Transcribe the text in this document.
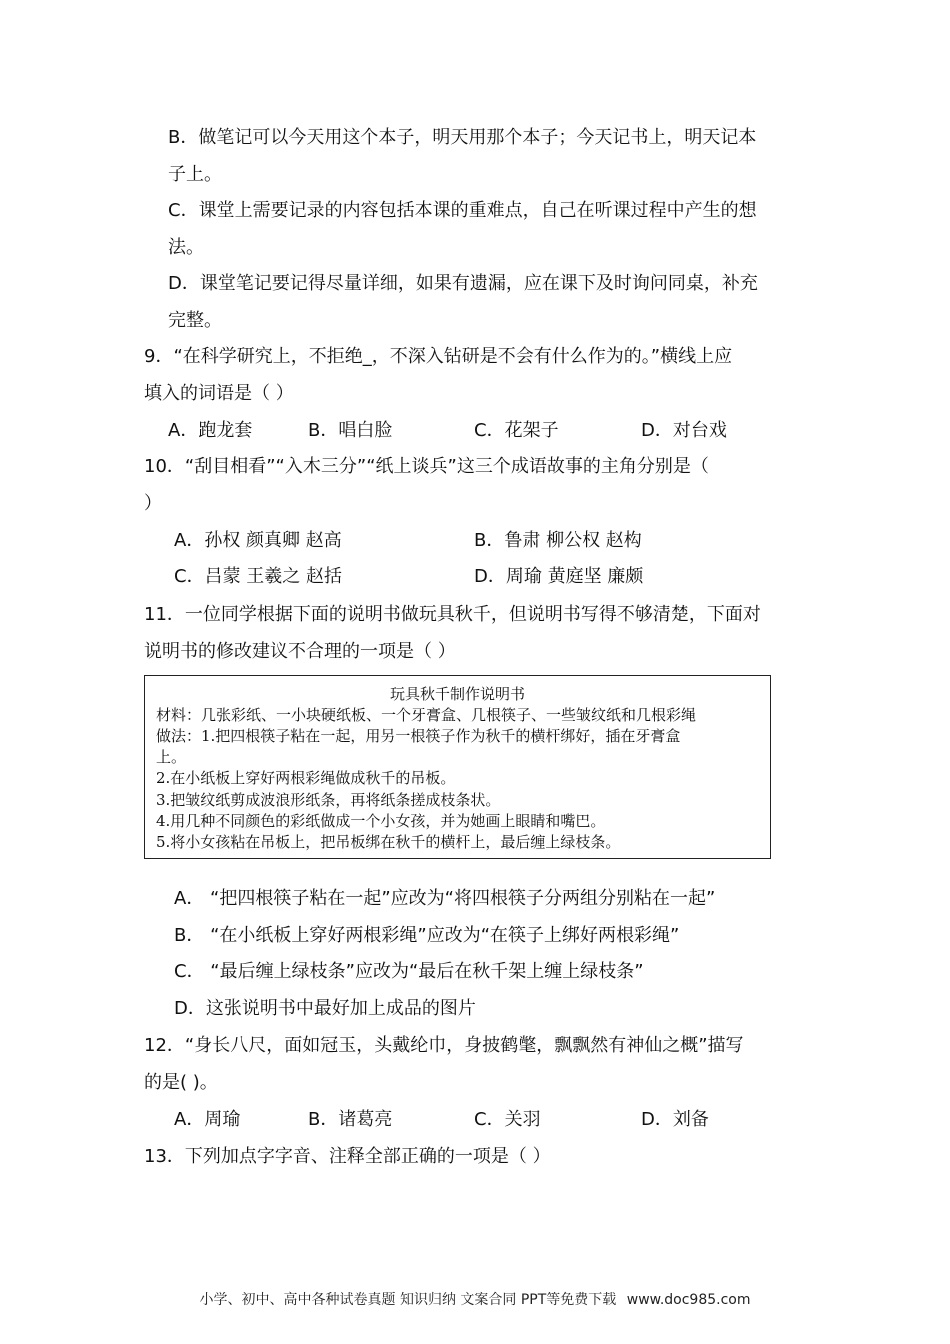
B．做笔记可以今天用这个本子，明天用那个本子；今天记书上，明天记本
子上。
C．课堂上需要记录的内容包括本课的重难点，自己在听课过程中产生的想
法。
D．课堂笔记要记得尽量详细，如果有遗漏，应在课下及时询问同桌，补充
完整。
9．“在科学研究上，不拒绝_，不深入钻研是不会有什么作为的。”横线上应
填入的词语是（ ）
A．跑龙套	B．唱白脸	C．花架子	D．对台戏
10．“刮目相看”“入木三分”“纸上谈兵”这三个成语故事的主角分别是（
）
A．孙权 颜真卿 赵高	B．鲁肃 柳公权 赵构
C．吕蒙 王羲之 赵括	D．周瑜 黄庭坚 廉颇
11．一位同学根据下面的说明书做玩具秋千，但说明书写得不够清楚，下面对
说明书的修改建议不合理的一项是（ ）
玩具秋千制作说明书
材料：几张彩纸、一小块硬纸板、一个牙膏盒、几根筷子、一些皱纹纸和几根彩绳
做法：1.把四根筷子粘在一起，用另一根筷子作为秋千的横杆绑好，插在牙膏盒
上。
2.在小纸板上穿好两根彩绳做成秋千的吊板。
3.把皱纹纸剪成波浪形纸条，再将纸条搓成枝条状。
4.用几种不同颜色的彩纸做成一个小女孩，并为她画上眼睛和嘴巴。
5.将小女孩粘在吊板上，把吊板绑在秋千的横杆上，最后缠上绿枝条。
A． “把四根筷子粘在一起”应改为“将四根筷子分两组分别粘在一起”
B． “在小纸板上穿好两根彩绳”应改为“在筷子上绑好两根彩绳”
C． “最后缠上绿枝条”应改为“最后在秋千架上缠上绿枝条”
D．这张说明书中最好加上成品的图片
12．“身长八尺，面如冠玉，头戴纶巾，身披鹤氅，飘飘然有神仙之概”描写
的是( )。
A．周瑜	B．诸葛亮	C．关羽	D．刘备
13．下列加点字字音、注释全部正确的一项是（ ）
小学、初中、高中各种试卷真题 知识归纳 文案合同 PPT等免费下载 www.doc985.com
